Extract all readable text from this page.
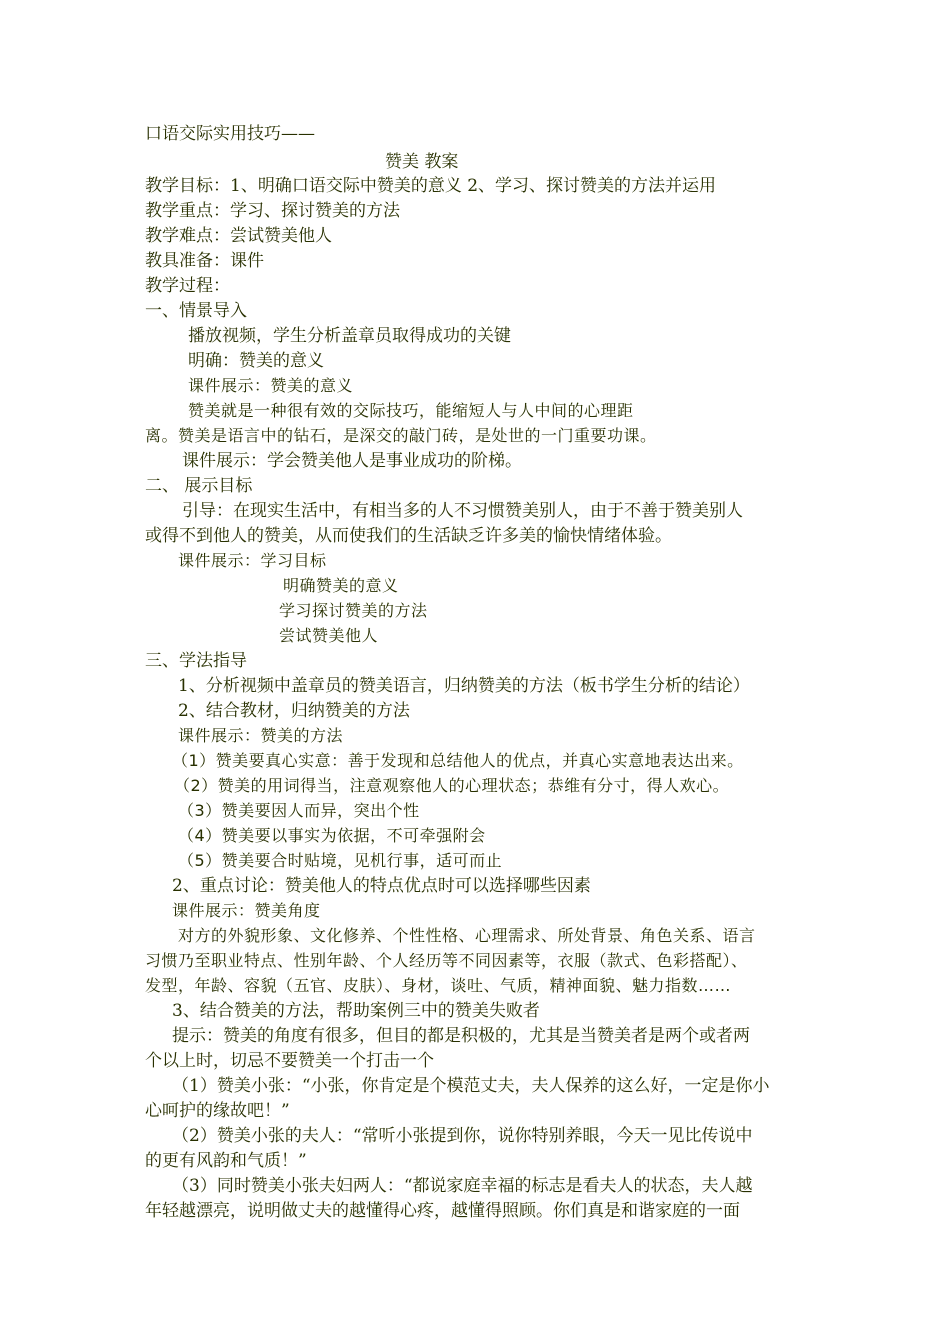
口语交际实用技巧——
赞美 教案
教学目标：1、明确口语交际中赞美的意义 2、学习、探讨赞美的方法并运用
教学重点：学习、探讨赞美的方法
教学难点：尝试赞美他人
教具准备：课件
教学过程：
一、情景导入
播放视频，学生分析盖章员取得成功的关键
明确：赞美的意义
课件展示：赞美的意义
赞美就是一种很有效的交际技巧，能缩短人与人中间的心理距
离。赞美是语言中的钻石，是深交的敲门砖，是处世的一门重要功课。
课件展示：学会赞美他人是事业成功的阶梯。
二、 展示目标
引导：在现实生活中，有相当多的人不习惯赞美别人，由于不善于赞美别人
或得不到他人的赞美，从而使我们的生活缺乏许多美的愉快情绪体验。
课件展示：学习目标
明确赞美的意义
学习探讨赞美的方法
尝试赞美他人
三、学法指导
1、分析视频中盖章员的赞美语言，归纳赞美的方法（板书学生分析的结论）
2、结合教材，归纳赞美的方法
课件展示：赞美的方法
（1）赞美要真心实意：善于发现和总结他人的优点，并真心实意地表达出来。
（2）赞美的用词得当，注意观察他人的心理状态；恭维有分寸，得人欢心。
（3）赞美要因人而异，突出个性
（4）赞美要以事实为依据，不可牵强附会
（5）赞美要合时贴境，见机行事，适可而止
2、重点讨论：赞美他人的特点优点时可以选择哪些因素
课件展示：赞美角度
对方的外貌形象、文化修养、个性性格、心理需求、所处背景、角色关系、语言
习惯乃至职业特点、性别年龄、个人经历等不同因素等，衣服（款式、色彩搭配）、
发型，年龄、容貌（五官、皮肤）、身材，谈吐、气质，精神面貌、魅力指数……
3、结合赞美的方法，帮助案例三中的赞美失败者
提示：赞美的角度有很多，但目的都是积极的，尤其是当赞美者是两个或者两
个以上时，切忌不要赞美一个打击一个
（1）赞美小张：“小张，你肯定是个模范丈夫，夫人保养的这么好，一定是你小
心呵护的缘故吧！”
（2）赞美小张的夫人：“常听小张提到你，说你特别养眼，今天一见比传说中
的更有风韵和气质！”
（3）同时赞美小张夫妇两人：“都说家庭幸福的标志是看夫人的状态，夫人越
年轻越漂亮，说明做丈夫的越懂得心疼，越懂得照顾。你们真是和谐家庭的一面
